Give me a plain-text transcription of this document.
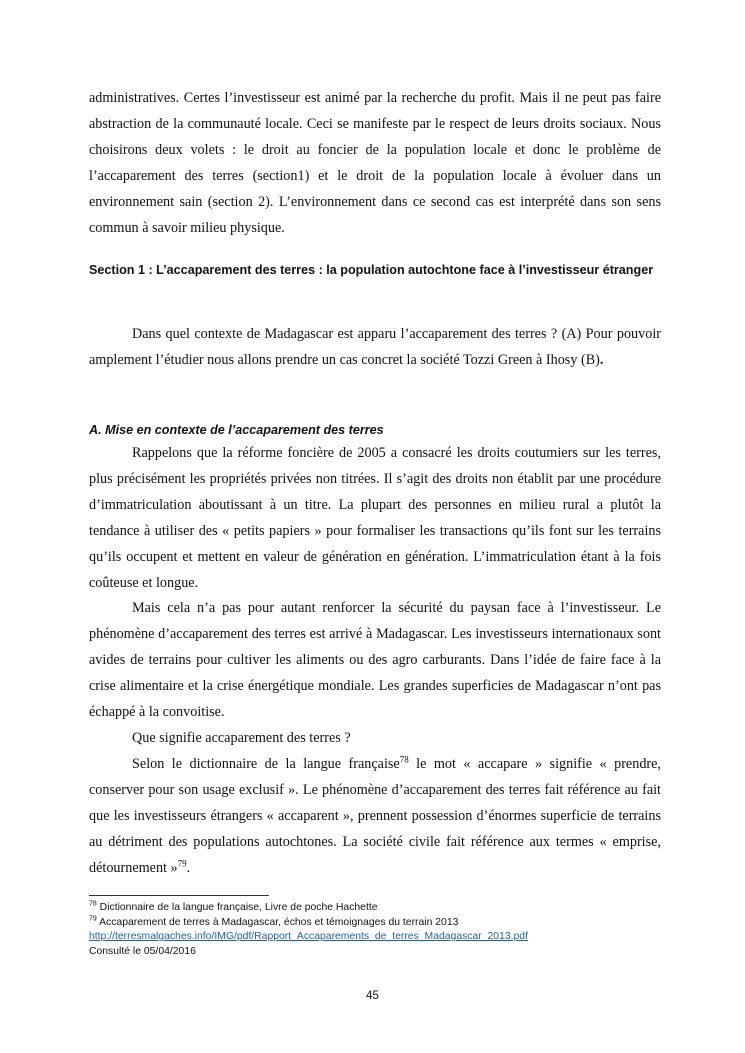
administratives. Certes l’investisseur est animé par la recherche du profit. Mais il ne peut pas faire abstraction de la communauté locale. Ceci se manifeste par le respect de leurs droits sociaux. Nous choisirons deux volets : le droit au foncier de la population locale et donc le problème de l’accaparement des terres (section1) et le droit de la population locale à évoluer dans un environnement sain (section 2). L’environnement dans ce second cas est interprété dans son sens commun à savoir milieu physique.

Section 1 : L’accaparement des terres : la population autochtone face à l’investisseur étranger

Dans quel contexte de Madagascar est apparu l’accaparement des terres ? (A) Pour pouvoir amplement l’étudier nous allons prendre un cas concret la société Tozzi Green à Ihosy (B).

A. Mise en contexte de l’accaparement des terres

Rappelons que la réforme foncière de 2005 a consacré les droits coutumiers sur les terres, plus précisément les propriétés privées non titrées. Il s’agit des droits non établit par une procédure d’immatriculation aboutissant à un titre. La plupart des personnes en milieu rural a plutôt la tendance à utiliser des « petits papiers » pour formaliser les transactions qu’ils font sur les terrains qu’ils occupent et mettent en valeur de génération en génération. L’immatriculation étant à la fois coûteuse et longue.

Mais cela n’a pas pour autant renforcer la sécurité du paysan face à l’investisseur. Le phénomène d’accaparement des terres est arrivé à Madagascar. Les investisseurs internationaux sont avides de terrains pour cultiver les aliments ou des agro carburants. Dans l’idée de faire face à la crise alimentaire et la crise énergétique mondiale. Les grandes superficies de Madagascar n’ont pas échappé à la convoitise.

Que signifie accaparement des terres ?

Selon le dictionnaire de la langue française$^{78}$ le mot « accapare » signifie « prendre, conserver pour son usage exclusif ». Le phénomène d’accaparement des terres fait référence au fait que les investisseurs étrangers « accaparent », prennent possession d’énormes superficie de terrains au détriment des populations autochtones. La société civile fait référence aux termes « emprise, détournement »$^{79}$.

$^{78}$ Dictionnaire de la langue française, Livre de poche Hachette

$^{79}$ Accaparement de terres à Madagascar, échos et témoignages du terrain 2013

http://terresmalgaches.info/IMG/pdf/Rapport_Accaparements_de_terres_Madagascar_2013.pdf

Consulté le 05/04/2016

45
